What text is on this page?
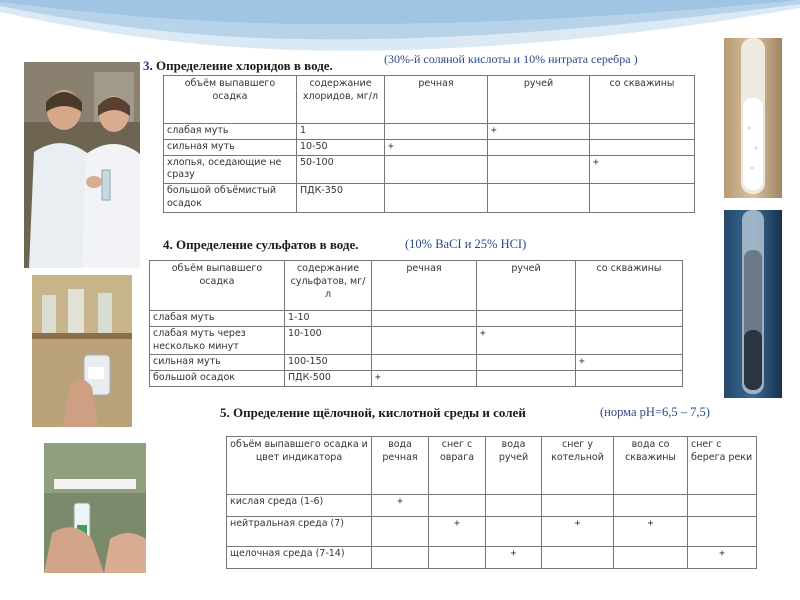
3. Определение хлоридов в воде.	(30%-й соляной кислоты и 10% нитрата серебра )
объём выпавшего осадка	содержание хлоридов, мг/л	речная	ручей	со скважины
слабая муть	1		+	
сильная муть	10-50	+		
хлопья, оседающие не сразу	50-100			+
большой объёмистый осадок	ПДК-350			
4. Определение сульфатов в воде.	(10% BaCI и 25% HCI)
объём выпавшего осадка	содержание сульфатов, мг/л	речная	ручей	со скважины
слабая муть	1-10			
слабая муть через несколько минут	10-100		+	
сильная муть	100-150			+
большой осадок	ПДК-500	+		
5. Определение щёлочной, кислотной среды и солей	(норма рН=6,5 – 7,5)
объём выпавшего осадка и цвет индикатора	вода речная	снег с оврага	вода ручей	снег у котельной	вода со скважины	снег с берега реки
кислая среда (1-6)	+					
нейтральная среда (7)		+		+	+	
щелочная среда (7-14)			+			+
